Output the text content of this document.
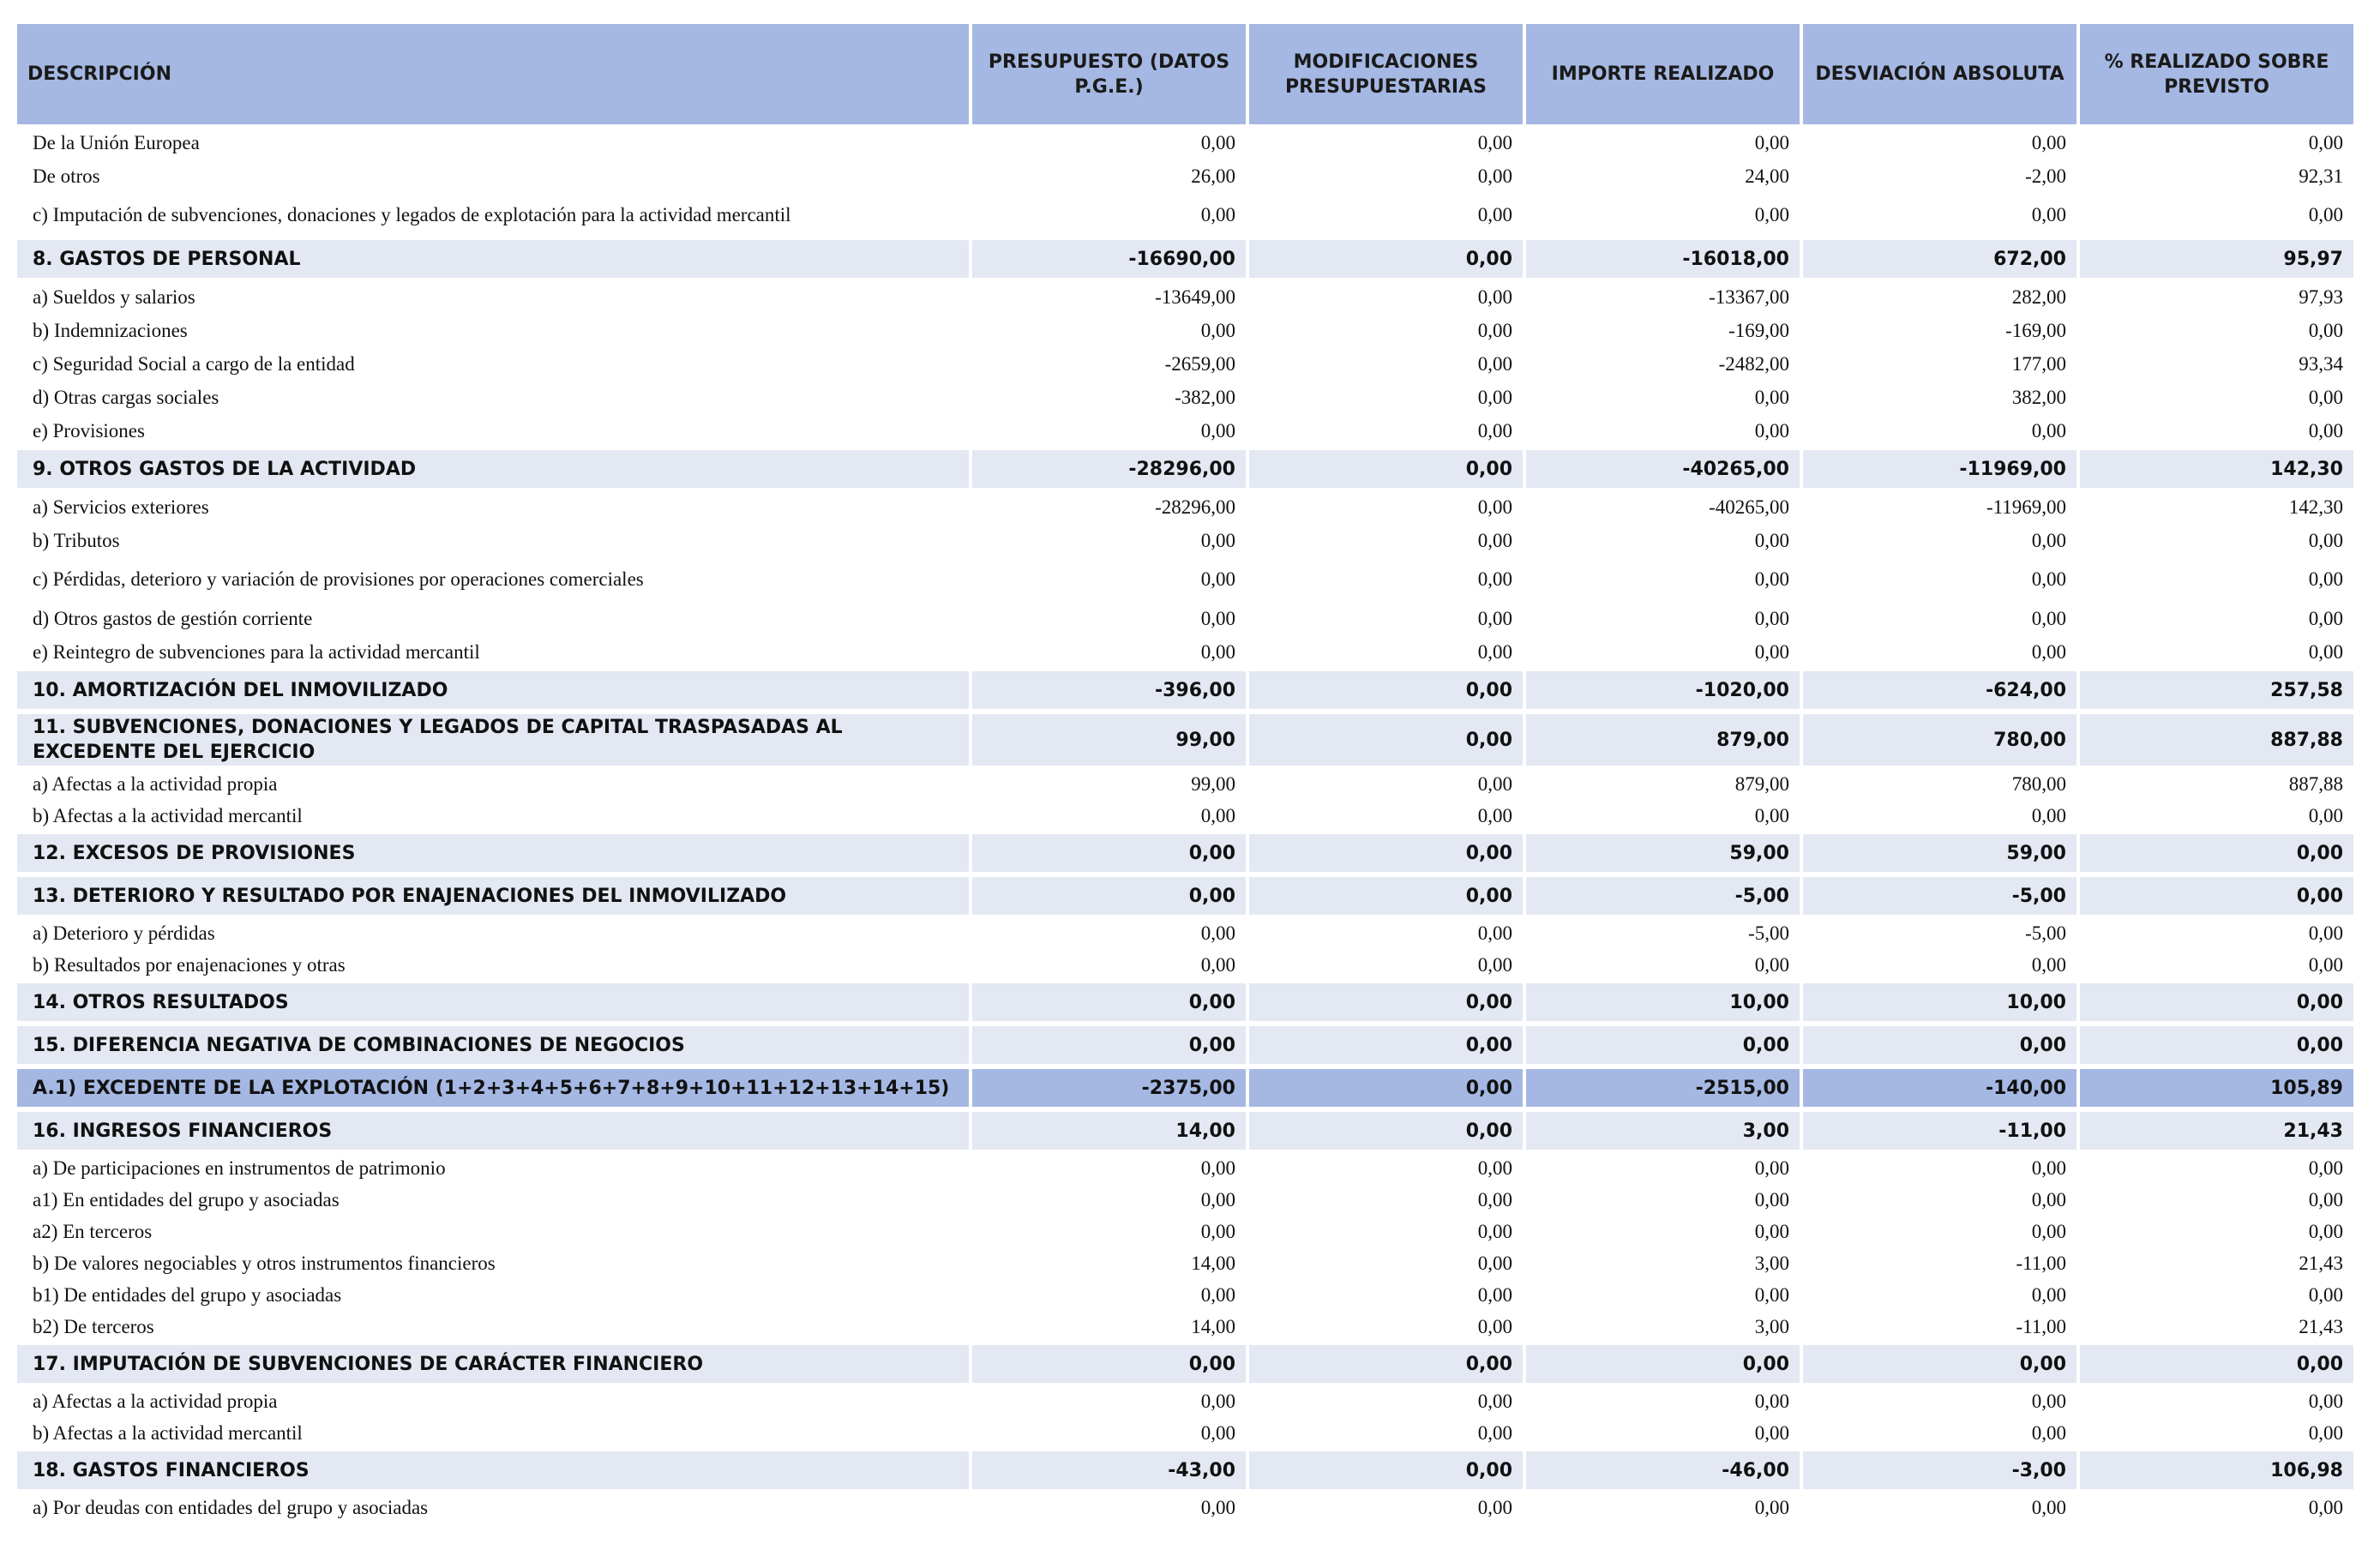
DESCRIPCIÓN	PRESUPUESTO (DATOS P.G.E.)	MODIFICACIONES PRESUPUESTARIAS	IMPORTE REALIZADO	DESVIACIÓN ABSOLUTA	% REALIZADO SOBRE PREVISTO
De la Unión Europea	0,00	0,00	0,00	0,00	0,00
De otros	26,00	0,00	24,00	-2,00	92,31
c) Imputación de subvenciones, donaciones y legados de explotación para la actividad mercantil	0,00	0,00	0,00	0,00	0,00
8. GASTOS DE PERSONAL	-16690,00	0,00	-16018,00	672,00	95,97
a) Sueldos y salarios	-13649,00	0,00	-13367,00	282,00	97,93
b) Indemnizaciones	0,00	0,00	-169,00	-169,00	0,00
c) Seguridad Social a cargo de la entidad	-2659,00	0,00	-2482,00	177,00	93,34
d) Otras cargas sociales	-382,00	0,00	0,00	382,00	0,00
e) Provisiones	0,00	0,00	0,00	0,00	0,00
9. OTROS GASTOS DE LA ACTIVIDAD	-28296,00	0,00	-40265,00	-11969,00	142,30
a) Servicios exteriores	-28296,00	0,00	-40265,00	-11969,00	142,30
b) Tributos	0,00	0,00	0,00	0,00	0,00
c) Pérdidas, deterioro y variación de provisiones por operaciones comerciales	0,00	0,00	0,00	0,00	0,00
d) Otros gastos de gestión corriente	0,00	0,00	0,00	0,00	0,00
e) Reintegro de subvenciones para la actividad mercantil	0,00	0,00	0,00	0,00	0,00
10. AMORTIZACIÓN DEL INMOVILIZADO	-396,00	0,00	-1020,00	-624,00	257,58
11. SUBVENCIONES, DONACIONES Y LEGADOS DE CAPITAL TRASPASADAS AL EXCEDENTE DEL EJERCICIO	99,00	0,00	879,00	780,00	887,88
a) Afectas a la actividad propia	99,00	0,00	879,00	780,00	887,88
b) Afectas a la actividad mercantil	0,00	0,00	0,00	0,00	0,00
12. EXCESOS DE PROVISIONES	0,00	0,00	59,00	59,00	0,00
13. DETERIORO Y RESULTADO POR ENAJENACIONES DEL INMOVILIZADO	0,00	0,00	-5,00	-5,00	0,00
a) Deterioro y pérdidas	0,00	0,00	-5,00	-5,00	0,00
b) Resultados por enajenaciones y otras	0,00	0,00	0,00	0,00	0,00
14. OTROS RESULTADOS	0,00	0,00	10,00	10,00	0,00
15. DIFERENCIA NEGATIVA DE COMBINACIONES DE NEGOCIOS	0,00	0,00	0,00	0,00	0,00
A.1) EXCEDENTE DE LA EXPLOTACIÓN (1+2+3+4+5+6+7+8+9+10+11+12+13+14+15)	-2375,00	0,00	-2515,00	-140,00	105,89
16. INGRESOS FINANCIEROS	14,00	0,00	3,00	-11,00	21,43
a) De participaciones en instrumentos de patrimonio	0,00	0,00	0,00	0,00	0,00
a1) En entidades del grupo y asociadas	0,00	0,00	0,00	0,00	0,00
a2) En terceros	0,00	0,00	0,00	0,00	0,00
b) De valores negociables y otros instrumentos financieros	14,00	0,00	3,00	-11,00	21,43
b1) De entidades del grupo y asociadas	0,00	0,00	0,00	0,00	0,00
b2) De terceros	14,00	0,00	3,00	-11,00	21,43
17. IMPUTACIÓN DE SUBVENCIONES DE CARÁCTER FINANCIERO	0,00	0,00	0,00	0,00	0,00
a) Afectas a la actividad propia	0,00	0,00	0,00	0,00	0,00
b) Afectas a la actividad mercantil	0,00	0,00	0,00	0,00	0,00
18. GASTOS FINANCIEROS	-43,00	0,00	-46,00	-3,00	106,98
a) Por deudas con entidades del grupo y asociadas	0,00	0,00	0,00	0,00	0,00
